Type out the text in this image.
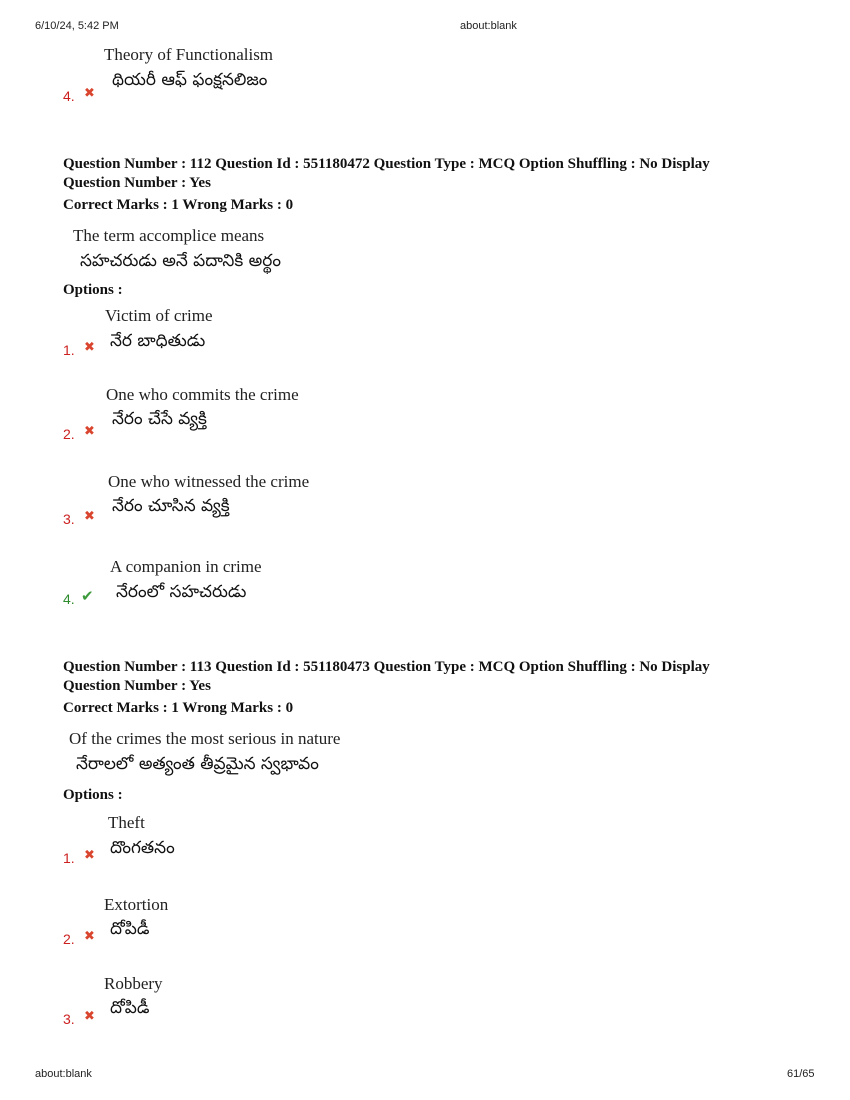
6/10/24, 5:42 PM	about:blank
Theory of Functionalism
థియరీ ఆఫ్ ఫంక్షనలిజం
4. ✖
Question Number : 112 Question Id : 551180472 Question Type : MCQ Option Shuffling : No Display
Question Number : Yes
Correct Marks : 1 Wrong Marks : 0
The term accomplice means
సహచరుడు అనే పదానికి అర్థం
Options :
Victim of crime
నేర బాధితుడు
1. ✖
One who commits the crime
నేరం చేసే వ్యక్తి
2. ✖
One who witnessed the crime
నేరం చూసిన వ్యక్తి
3. ✖
A companion in crime
నేరంలో సహచరుడు
4. ✔
Question Number : 113 Question Id : 551180473 Question Type : MCQ Option Shuffling : No Display
Question Number : Yes
Correct Marks : 1 Wrong Marks : 0
Of the crimes the most serious in nature
నేరాలలో అత్యంత తీవ్రమైన స్వభావం
Options :
Theft
దొంగతనం
1. ✖
Extortion
దోపిడీ
2. ✖
Robbery
దోపిడీ
3. ✖
about:blank	61/65
